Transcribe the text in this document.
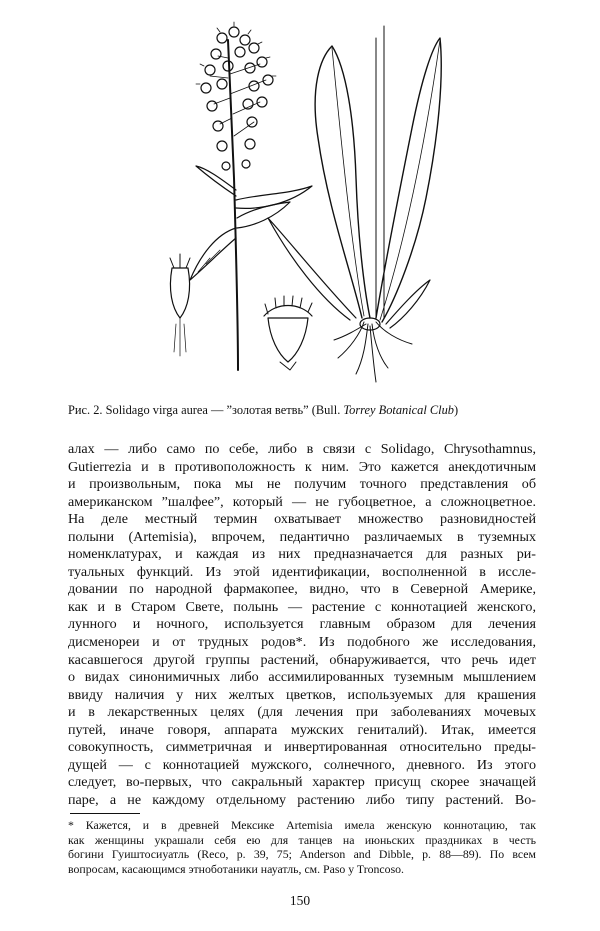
Рис. 2. Solidago virga aurea — ”золотая ветвь” (Bull. Torrey Botanical Club)
алах — либо само по себе, либо в связи с Solidago, Chrysothamnus,
Gutierrezia и в противоположность к ним. Это кажется анекдотичным
и произвольным, пока мы не получим точного представления об
американском ”шалфее”, который — не губоцветное, а сложноцветное.
На деле местный термин охватывает множество разновидностей
полыни (Artemisia), впрочем, педантично различаемых в туземных
номенклатурах, и каждая из них предназначается для разных ри-
туальных функций. Из этой идентификации, восполненной в иссле-
довании по народной фармакопее, видно, что в Северной Америке,
как и в Старом Свете, полынь — растение с коннотацией женского,
лунного и ночного, используется главным образом для лечения
дисменореи и от трудных родов*. Из подобного же исследования,
касавшегося другой группы растений, обнаруживается, что речь идет
о видах синонимичных либо ассимилированных туземным мышлением
ввиду наличия у них желтых цветков, используемых для крашения
и в лекарственных целях (для лечения при заболеваниях мочевых
путей, иначе говоря, аппарата мужских гениталий). Итак, имеется
совокупность, симметричная и инвертированная относительно преды-
дущей — с коннотацией мужского, солнечного, дневного. Из этого
следует, во-первых, что сакральный характер присущ скорее значащей
паре, а не каждому отдельному растению либо типу растений. Во-
* Кажется, и в древней Мексике Artemisia имела женскую коннотацию, так
как женщины украшали себя ею для танцев на июньских праздниках в честь
богини Гуиштосиуатль (Reco, p. 39, 75; Anderson and Dibble, p. 88—89). По всем
вопросам, касающимся этноботаники науатль, см. Paso y Troncoso.
150
